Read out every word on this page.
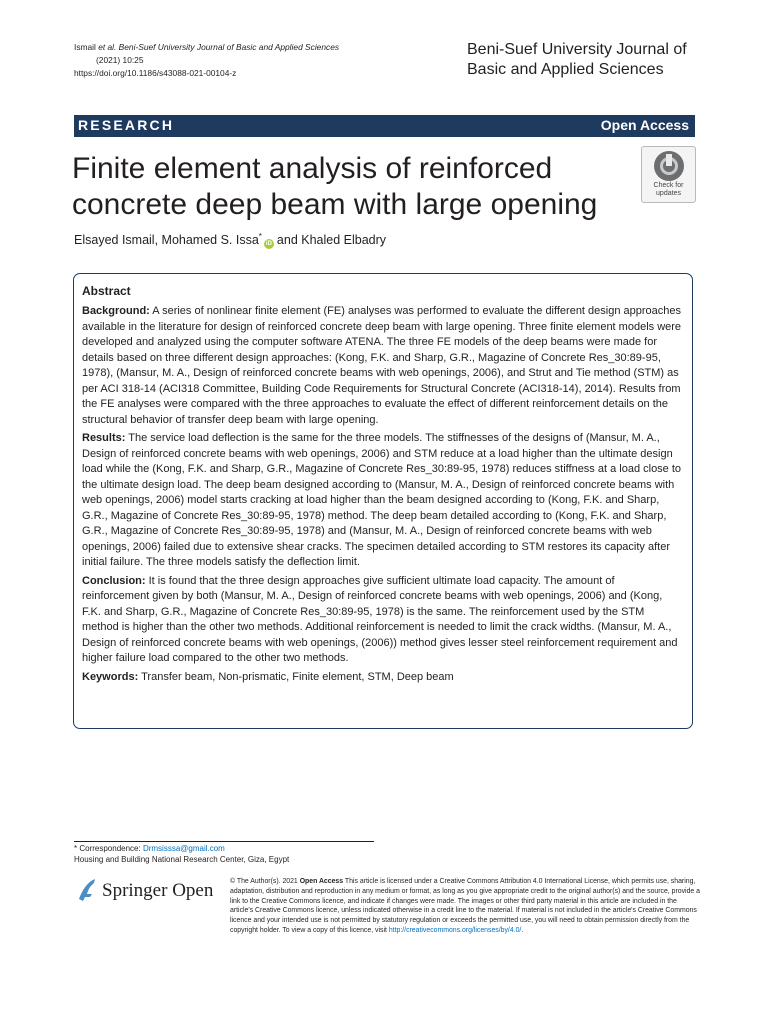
Ismail et al. Beni-Suef University Journal of Basic and Applied Sciences
(2021) 10:25
https://doi.org/10.1186/s43088-021-00104-z
Beni-Suef University Journal of Basic and Applied Sciences
RESEARCH	Open Access
Finite element analysis of reinforced concrete deep beam with large opening
Check for
updates
Elsayed Ismail, Mohamed S. Issa*iD and Khaled Elbadry
Abstract

Background: A series of nonlinear finite element (FE) analyses was performed to evaluate the different design approaches available in the literature for design of reinforced concrete deep beam with large opening. Three finite element models were developed and analyzed using the computer software ATENA. The three FE models of the deep beams were made for details based on three different design approaches: (Kong, F.K. and Sharp, G.R., Magazine of Concrete Res_30:89-95, 1978), (Mansur, M. A., Design of reinforced concrete beams with web openings, 2006), and Strut and Tie method (STM) as per ACI 318-14 (ACI318 Committee, Building Code Requirements for Structural Concrete (ACI318-14), 2014). Results from the FE analyses were compared with the three approaches to evaluate the effect of different reinforcement details on the structural behavior of transfer deep beam with large opening.

Results: The service load deflection is the same for the three models. The stiffnesses of the designs of (Mansur, M. A., Design of reinforced concrete beams with web openings, 2006) and STM reduce at a load higher than the ultimate design load while the (Kong, F.K. and Sharp, G.R., Magazine of Concrete Res_30:89-95, 1978) reduces stiffness at a load close to the ultimate design load. The deep beam designed according to (Mansur, M. A., Design of reinforced concrete beams with web openings, 2006) model starts cracking at load higher than the beam designed according to (Kong, F.K. and Sharp, G.R., Magazine of Concrete Res_30:89-95, 1978) method. The deep beam detailed according to (Kong, F.K. and Sharp, G.R., Magazine of Concrete Res_30:89-95, 1978) and (Mansur, M. A., Design of reinforced concrete beams with web openings, 2006) failed due to extensive shear cracks. The specimen detailed according to STM restores its capacity after initial failure. The three models satisfy the deflection limit.

Conclusion: It is found that the three design approaches give sufficient ultimate load capacity. The amount of reinforcement given by both (Mansur, M. A., Design of reinforced concrete beams with web openings, 2006) and (Kong, F.K. and Sharp, G.R., Magazine of Concrete Res_30:89-95, 1978) is the same. The reinforcement used by the STM method is higher than the other two methods. Additional reinforcement is needed to limit the crack widths. (Mansur, M. A., Design of reinforced concrete beams with web openings, (2006)) method gives lesser steel reinforcement requirement and higher failure load compared to the other two methods.

Keywords: Transfer beam, Non-prismatic, Finite element, STM, Deep beam

* Correspondence: Drmsisssa@gmail.com
Housing and Building National Research Center, Giza, Egypt
Springer Open © The Author(s). 2021 Open Access This article is licensed under a Creative Commons Attribution 4.0 International License, which permits use, sharing, adaptation, distribution and reproduction in any medium or format, as long as you give appropriate credit to the original author(s) and the source, provide a link to the Creative Commons licence, and indicate if changes were made. The images or other third party material in this article are included in the article's Creative Commons licence, unless indicated otherwise in a credit line to the material. If material is not included in the article's Creative Commons licence and your intended use is not permitted by statutory regulation or exceeds the permitted use, you will need to obtain permission directly from the copyright holder. To view a copy of this licence, visit http://creativecommons.org/licenses/by/4.0/.
